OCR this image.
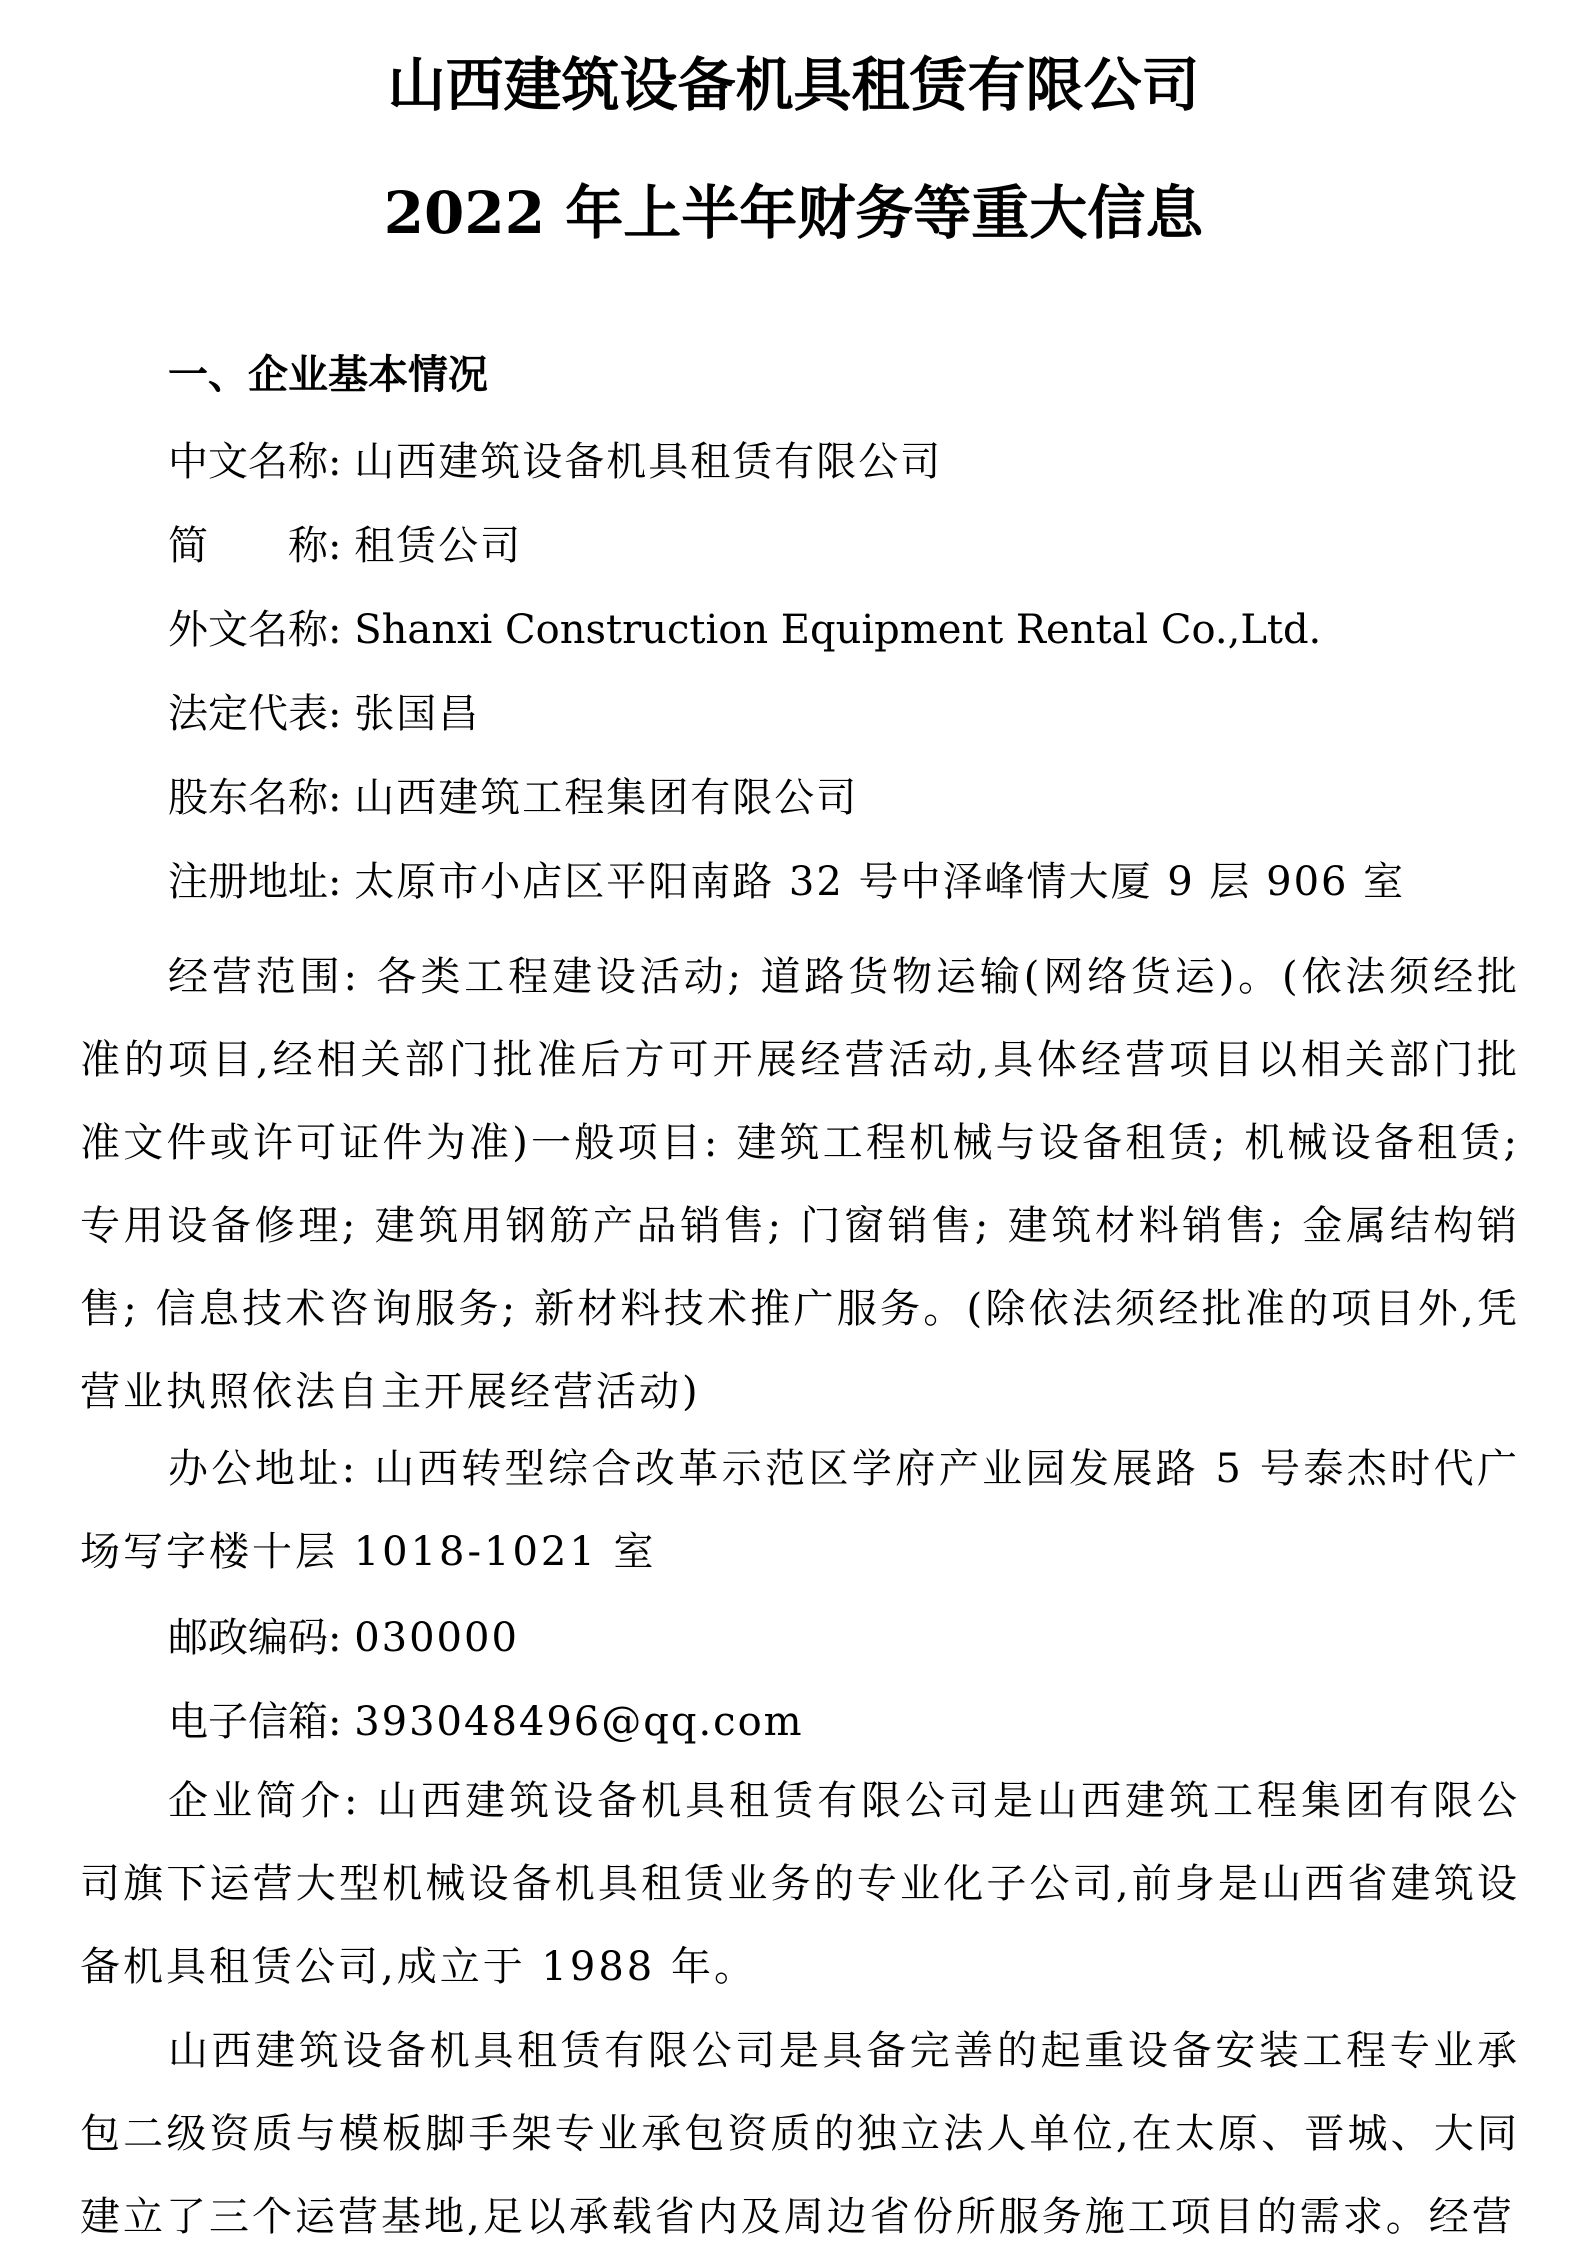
山西建筑设备机具租赁有限公司
2022 年上半年财务等重大信息
一、企业基本情况
中文名称: 山西建筑设备机具租赁有限公司
简　　称: 租赁公司
外文名称: Shanxi Construction Equipment Rental Co.,Ltd.
法定代表: 张国昌
股东名称: 山西建筑工程集团有限公司
注册地址: 太原市小店区平阳南路 32 号中泽峰情大厦 9 层 906 室

经营范围: 各类工程建设活动; 道路货物运输(网络货运)。(依法须经批准的项目,经相关部门批准后方可开展经营活动,具体经营项目以相关部门批准文件或许可证件为准)一般项目: 建筑工程机械与设备租赁; 机械设备租赁; 专用设备修理; 建筑用钢筋产品销售; 门窗销售; 建筑材料销售; 金属结构销售; 信息技术咨询服务; 新材料技术推广服务。(除依法须经批准的项目外,凭营业执照依法自主开展经营活动)

办公地址: 山西转型综合改革示范区学府产业园发展路 5 号泰杰时代广场写字楼十层 1018-1021 室

邮政编码: 030000
电子信箱: 393048496@qq.com

企业简介: 山西建筑设备机具租赁有限公司是山西建筑工程集团有限公司旗下运营大型机械设备机具租赁业务的专业化子公司,前身是山西省建筑设备机具租赁公司,成立于 1988 年。

山西建筑设备机具租赁有限公司是具备完善的起重设备安装工程专业承包二级资质与模板脚手架专业承包资质的独立法人单位,在太原、晋城、大同建立了三个运营基地,足以承载省内及周边省份所服务施工项目的需求。经营
